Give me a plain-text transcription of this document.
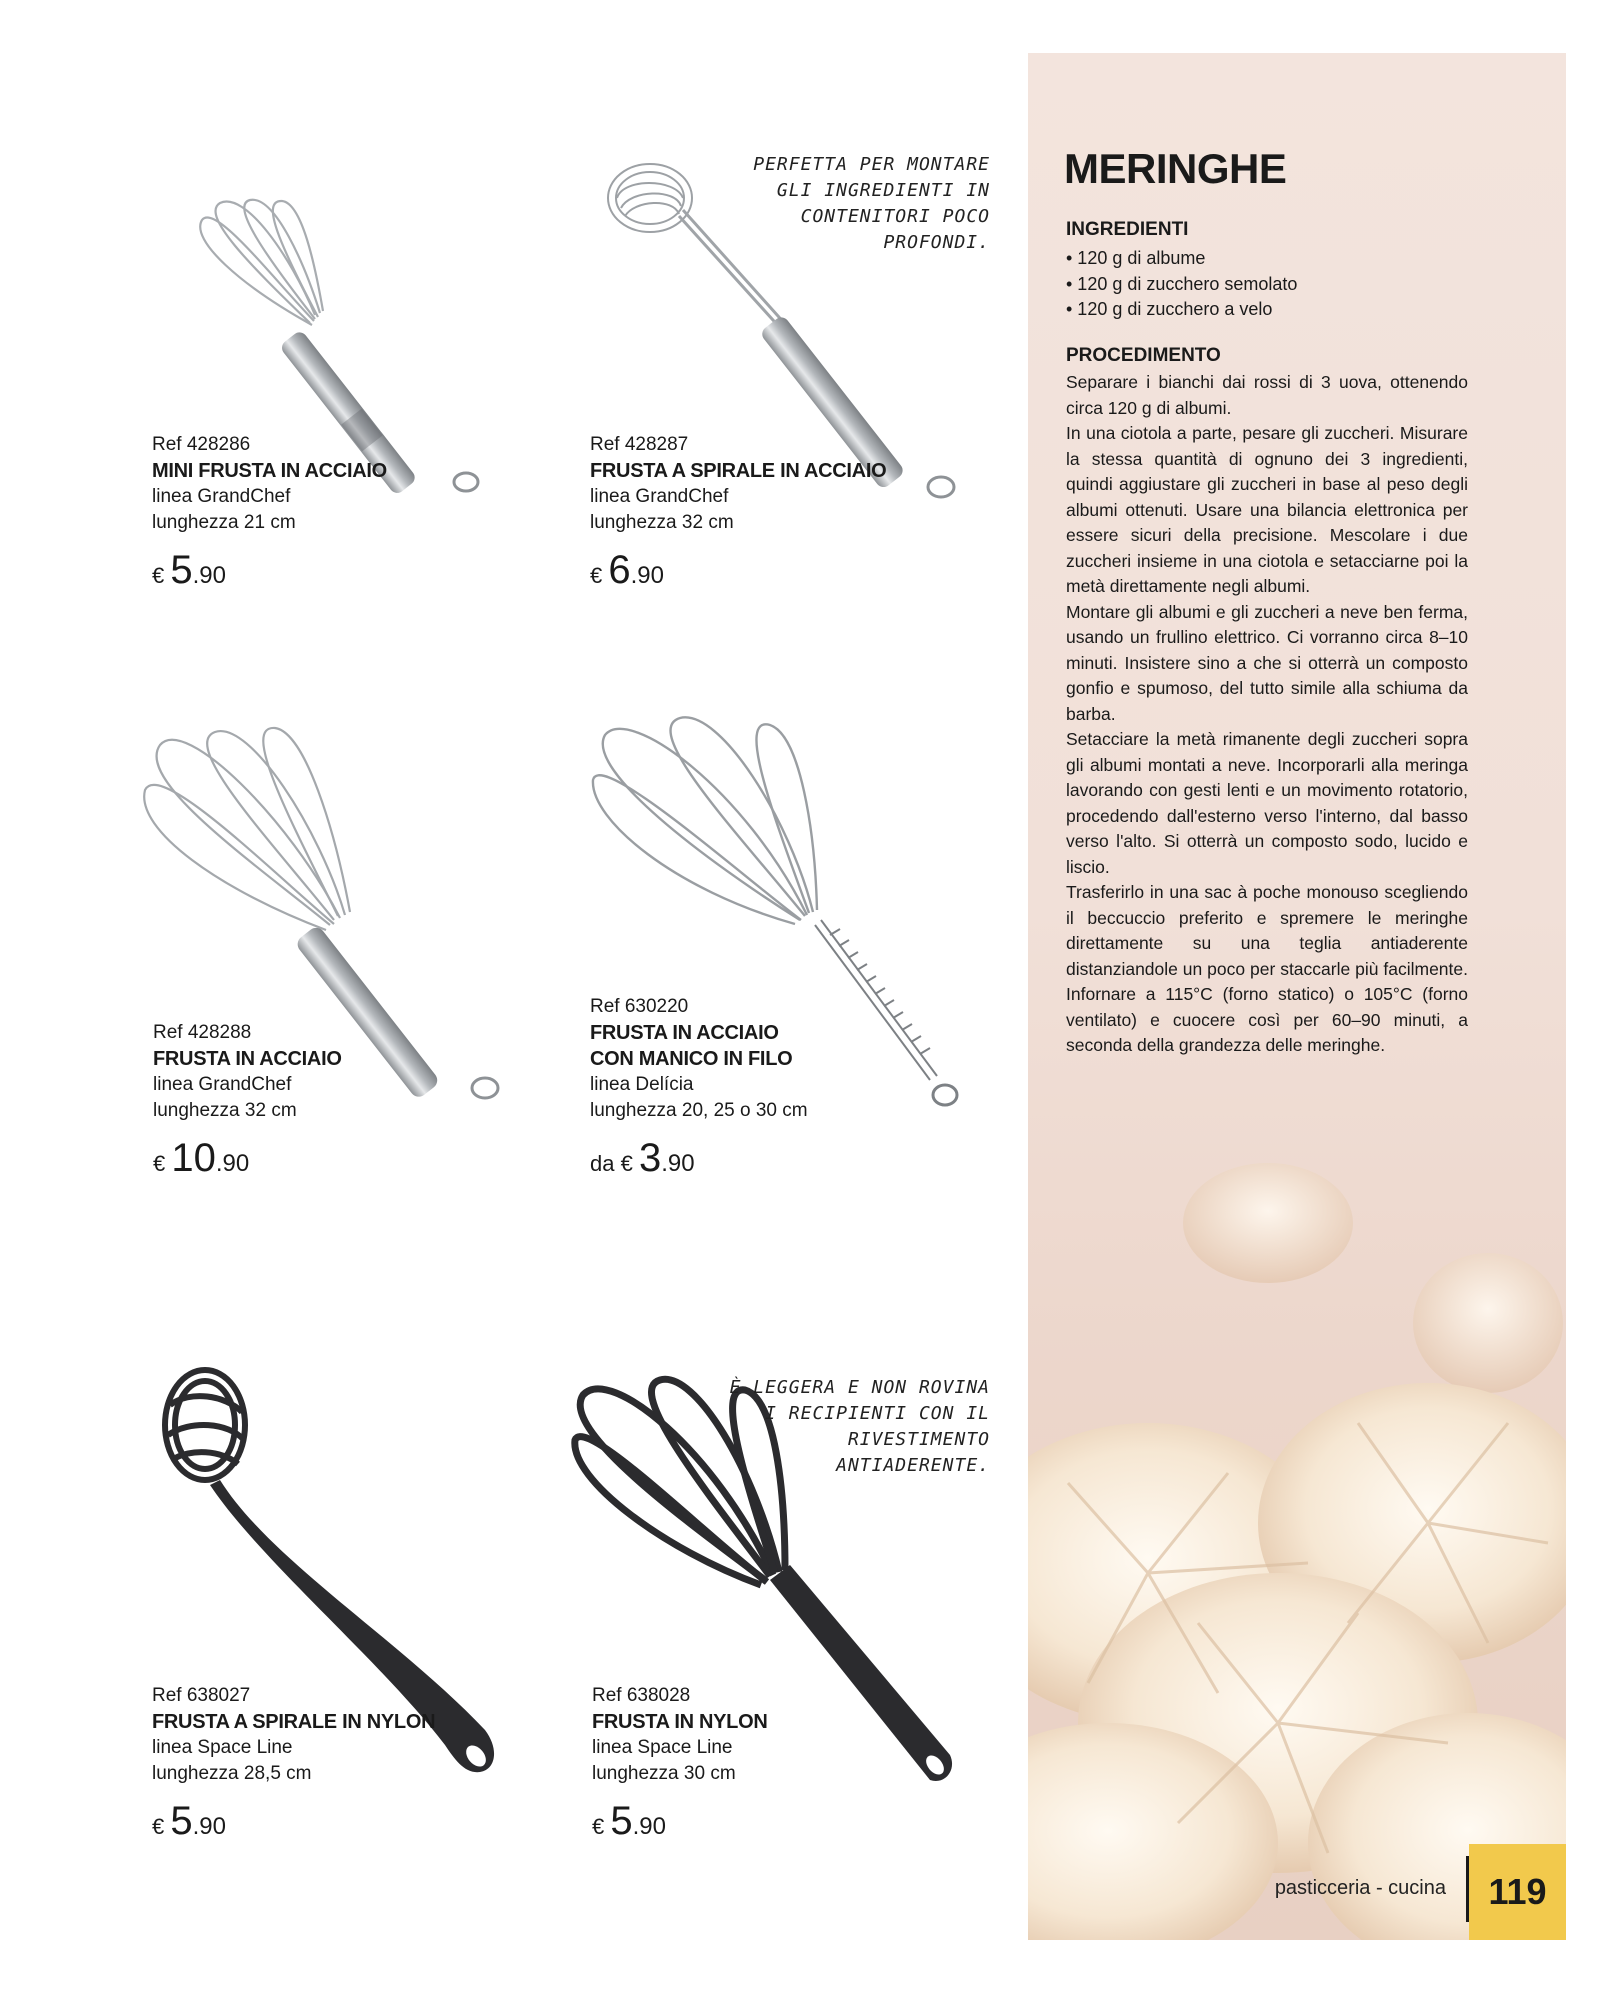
Ref 428286
MINI FRUSTA IN ACCIAIO
linea GrandChef
lunghezza 21 cm
€ 5.90
Ref 428287
FRUSTA A SPIRALE IN ACCIAIO
linea GrandChef
lunghezza 32 cm
€ 6.90
Ref 428288
FRUSTA IN ACCIAIO
linea GrandChef
lunghezza 32 cm
€ 10.90
Ref 630220
FRUSTA IN ACCIAIO
CON MANICO IN FILO
linea Delícia
lunghezza 20, 25 o 30 cm
da € 3.90
Ref 638027
FRUSTA A SPIRALE IN NYLON
linea Space Line
lunghezza 28,5 cm
€ 5.90
Ref 638028
FRUSTA IN NYLON
linea Space Line
lunghezza 30 cm
€ 5.90
PERFETTA PER MONTARE
GLI INGREDIENTI IN
CONTENITORI POCO
PROFONDI.
È LEGGERA E NON ROVINA
I RECIPIENTI CON IL
RIVESTIMENTO
ANTIADERENTE.
MERINGHE
INGREDIENTI
• 120 g di albume
• 120 g di zucchero semolato
• 120 g di zucchero a velo
PROCEDIMENTO

Separare i bianchi dai rossi di 3 uova, ottenendo circa 120 g di albumi.

In una ciotola a parte, pesare gli zuccheri. Misurare la stessa quantità di ognuno dei 3 ingredienti, quindi aggiustare gli zuccheri in base al peso degli albumi ottenuti. Usare una bilancia elettronica per essere sicuri della precisione. Mescolare i due zuccheri insieme in una ciotola e setacciarne poi la metà direttamente negli albumi.

Montare gli albumi e gli zuccheri a neve ben ferma, usando un frullino elettrico. Ci vorranno circa 8–10 minuti. Insistere sino a che si otterrà un composto gonfio e spumoso, del tutto simile alla schiuma da barba.

Setacciare la metà rimanente degli zuccheri sopra gli albumi montati a neve. Incorporarli alla meringa lavorando con gesti lenti e un movimento rotatorio, procedendo dall'esterno verso l'interno, dal basso verso l'alto. Si otterrà un composto sodo, lucido e liscio.

Trasferirlo in una sac à poche monouso scegliendo il beccuccio preferito e spremere le meringhe direttamente su una teglia antiaderente distanziandole un poco per staccarle più facilmente. Infornare a 115°C (forno statico) o 105°C (forno ventilato) e cuocere così per 60–90 minuti, a seconda della grandezza delle meringhe.

pasticceria - cucina	119
